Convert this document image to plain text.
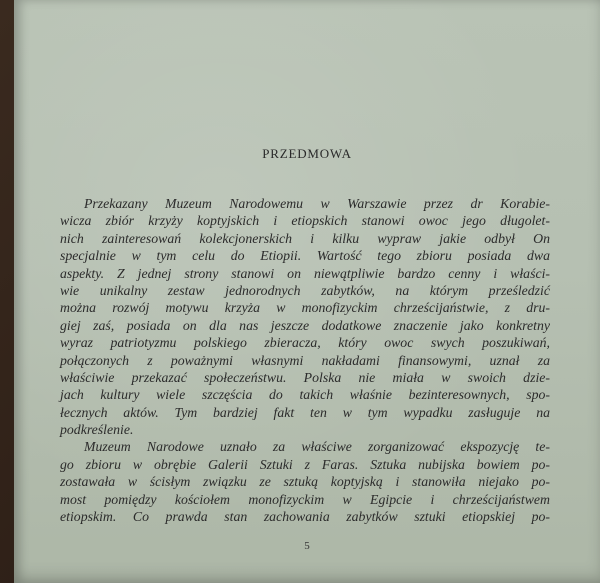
PRZEDMOWA
Przekazany Muzeum Narodowemu w Warszawie przez dr Korabie-
wicza zbiór krzyży koptyjskich i etiopskich stanowi owoc jego długolet-
nich zainteresowań kolekcjonerskich i kilku wypraw jakie odbył On
specjalnie w tym celu do Etiopii. Wartość tego zbioru posiada dwa
aspekty. Z jednej strony stanowi on niewątpliwie bardzo cenny i właści-
wie unikalny zestaw jednorodnych zabytków, na którym prześledzić
można rozwój motywu krzyża w monofizyckim chrześcijaństwie, z dru-
giej zaś, posiada on dla nas jeszcze dodatkowe znaczenie jako konkretny
wyraz patriotyzmu polskiego zbieracza, który owoc swych poszukiwań,
połączonych z poważnymi własnymi nakładami finansowymi, uznał za
właściwie przekazać społeczeństwu. Polska nie miała w swoich dzie-
jach kultury wiele szczęścia do takich właśnie bezinteresownych, spo-
łecznych aktów. Tym bardziej fakt ten w tym wypadku zasługuje na
podkreślenie.
Muzeum Narodowe uznało za właściwe zorganizować ekspozycję te-
go zbioru w obrębie Galerii Sztuki z Faras. Sztuka nubijska bowiem po-
zostawała w ścisłym związku ze sztuką koptyjską i stanowiła niejako po-
most pomiędzy kościołem monofizyckim w Egipcie i chrześcijaństwem
etiopskim. Co prawda stan zachowania zabytków sztuki etiopskiej po-
5
